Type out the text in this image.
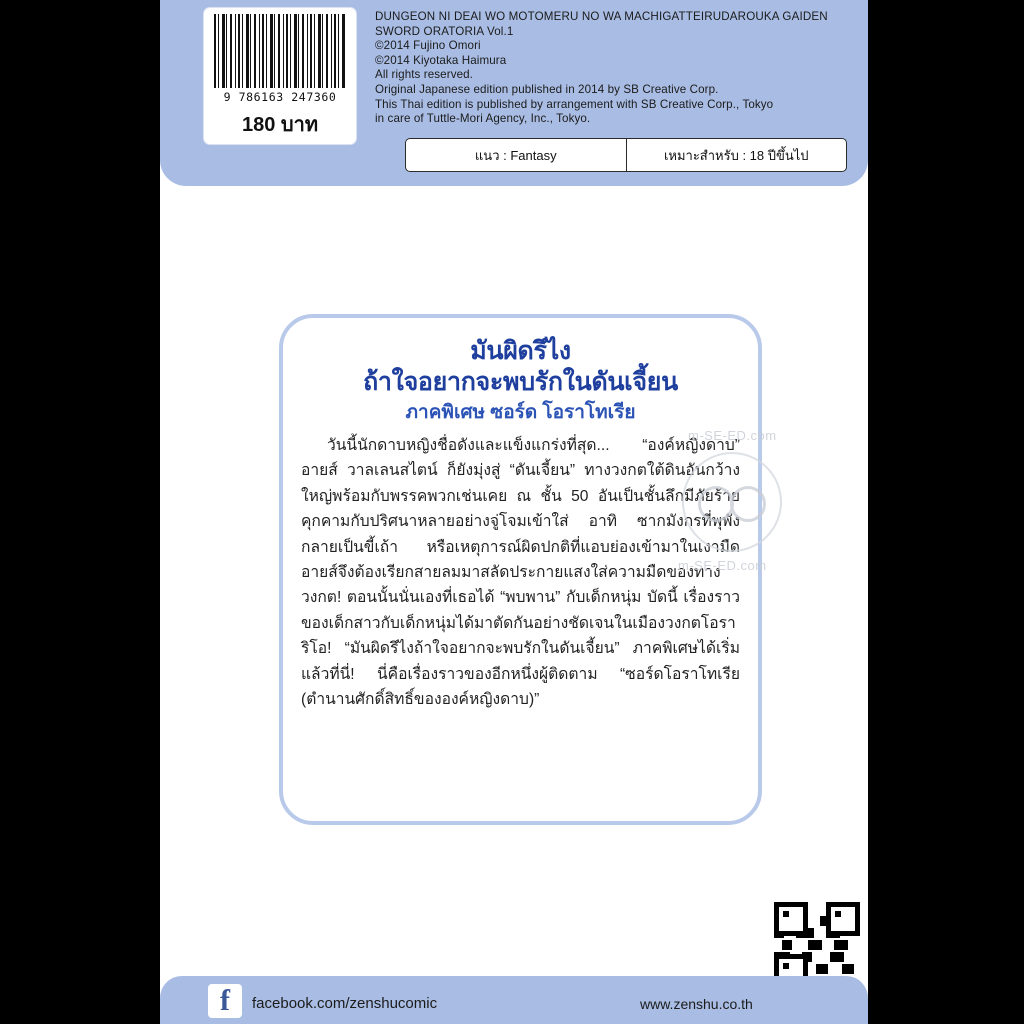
9 786163 247360
180 บาท
DUNGEON NI DEAI WO MOTOMERU NO WA MACHIGATTEIRUDAROUKA GAIDEN
SWORD ORATORIA Vol.1
©2014 Fujino Omori
©2014 Kiyotaka Haimura
All rights reserved.
Original Japanese edition published in 2014 by SB Creative Corp.
This Thai edition is published by arrangement with SB Creative Corp., Tokyo
in care of Tuttle-Mori Agency, Inc., Tokyo.
แนว : Fantasy	เหมาะสำหรับ : 18 ปีขึ้นไป
มันผิดรึไง
ถ้าใจอยากจะพบรักในดันเจี้ยน
ภาคพิเศษ ซอร์ด โอราโทเรีย
วันนี้นักดาบหญิงชื่อดังและแข็งแกร่งที่สุด... “องค์หญิงดาบ” อายส์ วาลเลนสไตน์ ก็ยังมุ่งสู่ “ดันเจี้ยน” ทางวงกตใต้ดินอันกว้างใหญ่พร้อมกับพรรคพวกเช่นเคย ณ ชั้น 50 อันเป็นชั้นลึกมีภัยร้ายคุกคามกับปริศนาหลายอย่างจู่โจมเข้าใส่ อาทิ ซากมังกรที่พุพังกลายเป็นขี้เถ้า หรือเหตุการณ์ผิดปกติที่แอบย่องเข้ามาในเงามืด อายส์จึงต้องเรียกสายลมมาสลัดประกายแสงใส่ความมืดของทางวงกต! ตอนนั้นนั่นเองที่เธอได้ “พบพาน” กับเด็กหนุ่ม บัดนี้ เรื่องราวของเด็กสาวกับเด็กหนุ่มได้มาตัดกันอย่างชัดเจนในเมืองวงกตโอราริโอ! “มันผิดรึไงถ้าใจอยากจะพบรักในดันเจี้ยน” ภาคพิเศษได้เริ่มแล้วที่นี่! นี่คือเรื่องราวของอีกหนึ่งผู้ติดตาม “ซอร์ดโอราโทเรีย (ตำนานศักดิ์สิทธิ์ขององค์หญิงดาบ)”
m-SE-ED.com
m-SE-ED.com
f	facebook.com/zenshucomic	www.zenshu.co.th
